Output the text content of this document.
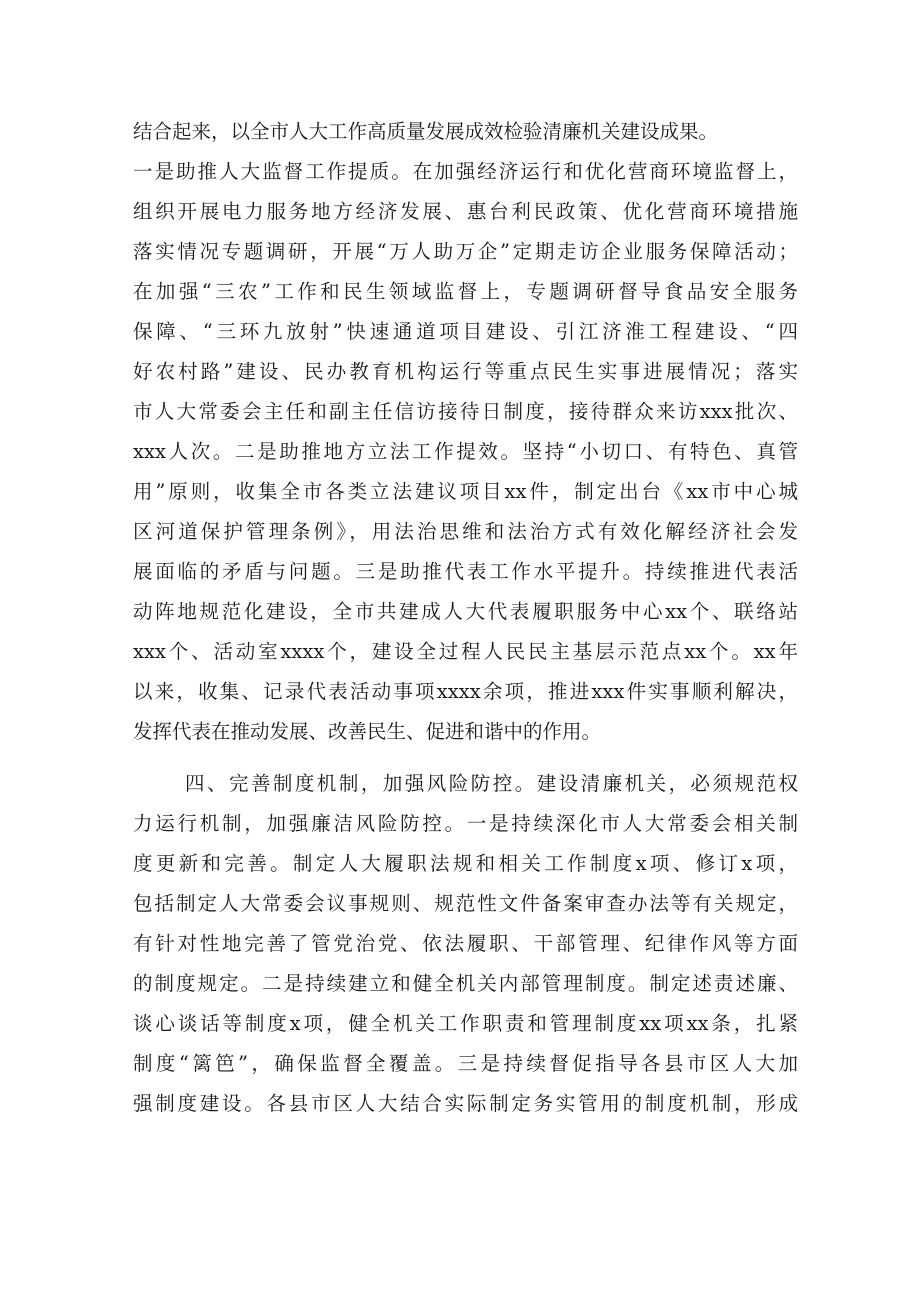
结合起来，以全市人大工作高质量发展成效检验清廉机关建设成果。
一是助推人大监督工作提质。在加强经济运行和优化营商环境监督上，
组织开展电力服务地方经济发展、惠台利民政策、优化营商环境措施
落实情况专题调研，开展“万人助万企”定期走访企业服务保障活动；
在加强“三农”工作和民生领域监督上，专题调研督导食品安全服务
保障、“三环九放射”快速通道项目建设、引江济淮工程建设、“四
好农村路”建设、民办教育机构运行等重点民生实事进展情况；落实
市人大常委会主任和副主任信访接待日制度，接待群众来访xxx批次、
xxx人次。二是助推地方立法工作提效。坚持“小切口、有特色、真管
用”原则，收集全市各类立法建议项目xx件，制定出台《xx市中心城
区河道保护管理条例》，用法治思维和法治方式有效化解经济社会发
展面临的矛盾与问题。三是助推代表工作水平提升。持续推进代表活
动阵地规范化建设，全市共建成人大代表履职服务中心xx个、联络站
xxx个、活动室xxxx个，建设全过程人民民主基层示范点xx个。xx年
以来，收集、记录代表活动事项xxxx余项，推进xxx件实事顺利解决，
发挥代表在推动发展、改善民生、促进和谐中的作用。
四、完善制度机制，加强风险防控。建设清廉机关，必须规范权
力运行机制，加强廉洁风险防控。一是持续深化市人大常委会相关制
度更新和完善。制定人大履职法规和相关工作制度x项、修订x项，
包括制定人大常委会议事规则、规范性文件备案审查办法等有关规定，
有针对性地完善了管党治党、依法履职、干部管理、纪律作风等方面
的制度规定。二是持续建立和健全机关内部管理制度。制定述责述廉、
谈心谈话等制度x项，健全机关工作职责和管理制度xx项xx条，扎紧
制度“篱笆”，确保监督全覆盖。三是持续督促指导各县市区人大加
强制度建设。各县市区人大结合实际制定务实管用的制度机制，形成
